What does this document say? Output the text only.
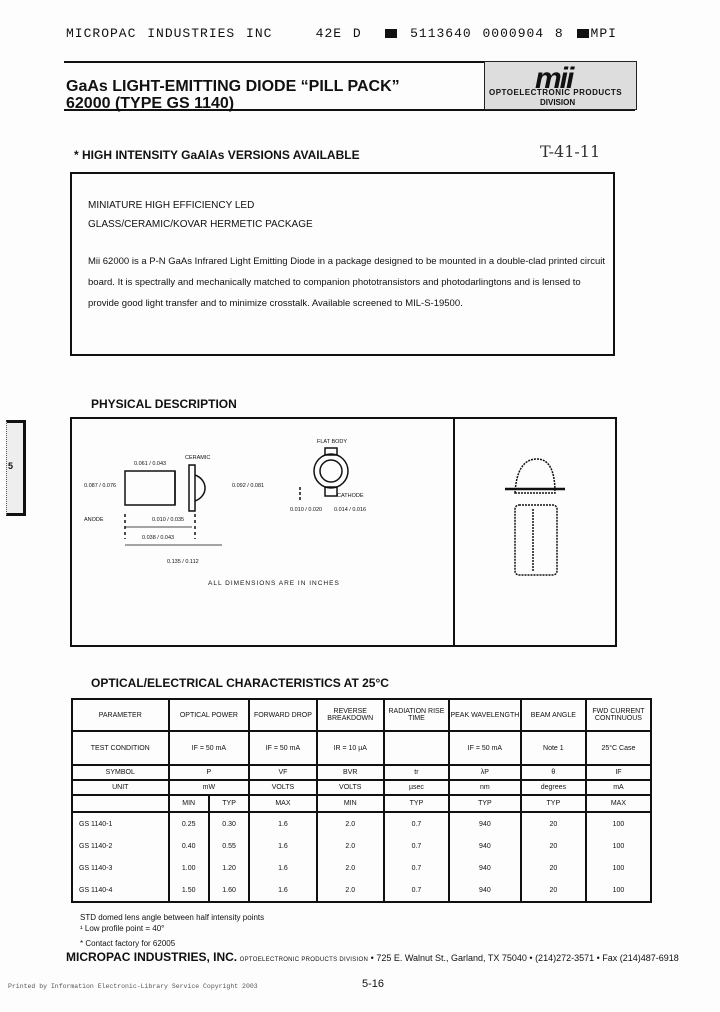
MICROPAC INDUSTRIES INC	42E D	5113640 0000904 8 MPI
GaAs LIGHT-EMITTING DIODE “PILL PACK”
62000 (TYPE GS 1140)
mii
OPTOELECTRONIC PRODUCTS
DIVISION
* HIGH INTENSITY GaAlAs VERSIONS AVAILABLE	T-41-11
MINIATURE HIGH EFFICIENCY LED
GLASS/CERAMIC/KOVAR HERMETIC PACKAGE
Mii 62000 is a P-N GaAs Infrared Light Emitting Diode in a package designed to be mounted in a double-clad printed circuit board. It is spectrally and mechanically matched to companion phototransistors and photodarlingtons and is lensed to provide good light transfer and to minimize crosstalk. Available screened to MIL-S-19500.
PHYSICAL DESCRIPTION
CERAMIC
0.061 / 0.043
0.087 / 0.076	0.092 / 0.081
ANODE	0.010 / 0.035
0.038 / 0.043
0.135 / 0.112
FLAT BODY
CATHODE
0.010 / 0.020 0.014 / 0.016
ALL DIMENSIONS ARE IN INCHES
OPTICAL/ELECTRICAL CHARACTERISTICS AT 25°C
PARAMETER	OPTICAL POWER		FORWARD DROP	REVERSE BREAKDOWN	RADIATION RISE TIME	PEAK WAVELENGTH	BEAM ANGLE	FWD CURRENT CONTINUOUS
TEST CONDITION	IF = 50 mA		IF = 50 mA	IR = 10 µA		IF = 50 mA	Note 1	25°C Case
SYMBOL	P		VF	BVR	tr	λP	θ	IF
UNIT	mW		VOLTS	VOLTS	µsec	nm	degrees	mA
	MIN	TYP	MAX	MIN	TYP	TYP	TYP	MAX
GS 1140-1	0.25	0.30	1.6	2.0	0.7	940	20	100
GS 1140-2	0.40	0.55	1.6	2.0	0.7	940	20	100
GS 1140-3	1.00	1.20	1.6	2.0	0.7	940	20	100
GS 1140-4	1.50	1.60	1.6	2.0	0.7	940	20	100
STD domed lens angle between half intensity points
¹ Low profile point = 40°
* Contact factory for 62005
MICROPAC INDUSTRIES, INC. OPTOELECTRONIC PRODUCTS DIVISION • 725 E. Walnut St., Garland, TX 75040 • (214)272-3571 • Fax (214)487-6918
Printed by Information Electronic-Library Service Copyright 2003	5-16
5
